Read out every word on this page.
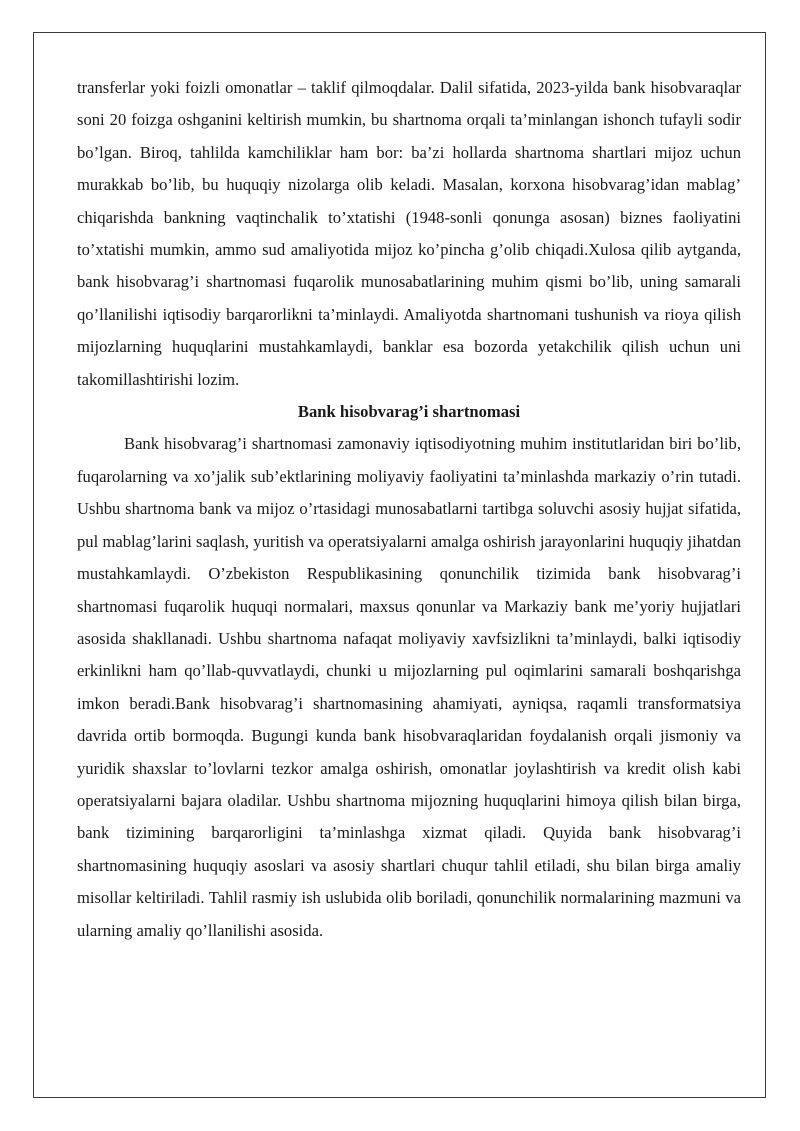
transferlar yoki foizli omonatlar – taklif qilmoqdalar. Dalil sifatida, 2023-yilda bank hisobvaraqlar soni 20 foizga oshganini keltirish mumkin, bu shartnoma orqali ta’minlangan ishonch tufayli sodir bo’lgan. Biroq, tahlilda kamchiliklar ham bor: ba’zi hollarda shartnoma shartlari mijoz uchun murakkab bo’lib, bu huquqiy nizolarga olib keladi. Masalan, korxona hisobvarag’idan mablag’ chiqarishda bankning vaqtinchalik to’xtatishi (1948-sonli qonunga asosan) biznes faoliyatini to’xtatishi mumkin, ammo sud amaliyotida mijoz ko’pincha g’olib chiqadi.Xulosa qilib aytganda, bank hisobvarag’i shartnomasi fuqarolik munosabatlarining muhim qismi bo’lib, uning samarali qo’llanilishi iqtisodiy barqarorlikni ta’minlaydi. Amaliyotda shartnomani tushunish va rioya qilish mijozlarning huquqlarini mustahkamlaydi, banklar esa bozorda yetakchilik qilish uchun uni takomillashtirishi lozim.

Bank hisobvarag’i shartnomasi

Bank hisobvarag’i shartnomasi zamonaviy iqtisodiyotning muhim institutlaridan biri bo’lib, fuqarolarning va xo’jalik sub’ektlarining moliyaviy faoliyatini ta’minlashda markaziy o’rin tutadi. Ushbu shartnoma bank va mijoz o’rtasidagi munosabatlarni tartibga soluvchi asosiy hujjat sifatida, pul mablag’larini saqlash, yuritish va operatsiyalarni amalga oshirish jarayonlarini huquqiy jihatdan mustahkamlaydi. O’zbekiston Respublikasining qonunchilik tizimida bank hisobvarag’i shartnomasi fuqarolik huquqi normalari, maxsus qonunlar va Markaziy bank me’yoriy hujjatlari asosida shakllanadi. Ushbu shartnoma nafaqat moliyaviy xavfsizlikni ta’minlaydi, balki iqtisodiy erkinlikni ham qo’llab-quvvatlaydi, chunki u mijozlarning pul oqimlarini samarali boshqarishga imkon beradi.Bank hisobvarag’i shartnomasining ahamiyati, ayniqsa, raqamli transformatsiya davrida ortib bormoqda. Bugungi kunda bank hisobvaraqlaridan foydalanish orqali jismoniy va yuridik shaxslar to’lovlarni tezkor amalga oshirish, omonatlar joylashtirish va kredit olish kabi operatsiyalarni bajara oladilar. Ushbu shartnoma mijozning huquqlarini himoya qilish bilan birga, bank tizimining barqarorligini ta’minlashga xizmat qiladi. Quyida bank hisobvarag’i shartnomasining huquqiy asoslari va asosiy shartlari chuqur tahlil etiladi, shu bilan birga amaliy misollar keltiriladi. Tahlil rasmiy ish uslubida olib boriladi, qonunchilik normalarining mazmuni va ularning amaliy qo’llanilishi asosida.
